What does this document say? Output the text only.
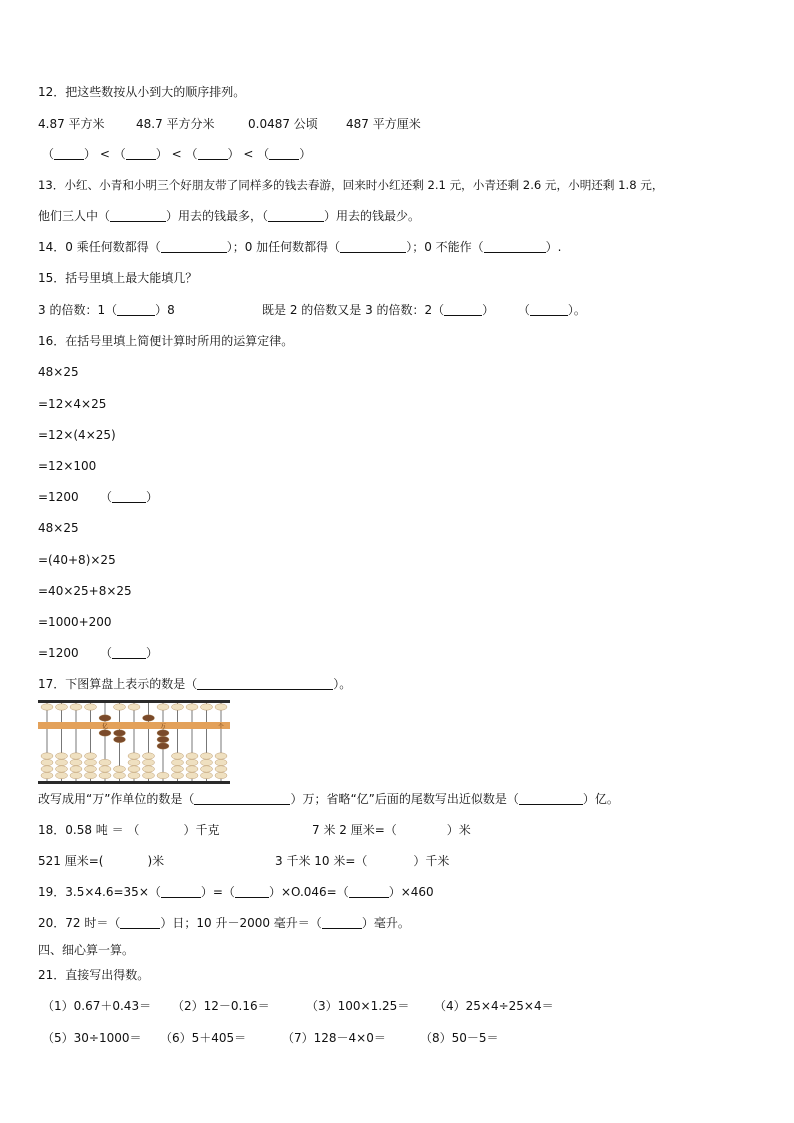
12．把这些数按从小到大的顺序排列。
4.87 平方米	48.7 平方分米	0.0487 公顷 487 平方厘米
（	） < （	） < （	） < （	）
13．小红、小青和小明三个好朋友带了同样多的钱去春游，回来时小红还剩 2.1 元，小青还剩 2.6 元，小明还剩 1.8 元，
他们三人中（	）用去的钱最多，（	）用去的钱最少。
14．0 乘任何数都得（	）；0 加任何数都得（	）；0 不能作（	）.
15．括号里填上最大能填几？
3 的倍数：1（	）8	既是 2 的倍数又是 3 的倍数：2（	） （	）。
16．在括号里填上简便计算时所用的运算定律。
48×25
=12×4×25
=12×(4×25)
=12×100
=1200 （	）
48×25
=(40+8)×25
=40×25+8×25
=1000+200
=1200 （	）
17．下图算盘上表示的数是（	）。
亿	万	个
改写成用“万”作单位的数是（	）万；省略“亿”后面的尾数写出近似数是（	）亿。
18．0.58 吨 ＝ （	）千克	7 米 2 厘米=（	）米
521 厘米=(	)米	3 千米 10 米=（	）千米
19．3.5×4.6=35×（	）=（	）×O.046=（	）×460
20．72 时＝（	）日；10 升－2000 毫升＝（	）毫升。
四、细心算一算。
21．直接写出得数。
（1）0.67＋0.43＝ （2）12－0.16＝	（3）100×1.25＝ （4）25×4÷25×4＝
（5）30÷1000＝ （6）5＋405＝	（7）128－4×0＝	（8）50－5＝
